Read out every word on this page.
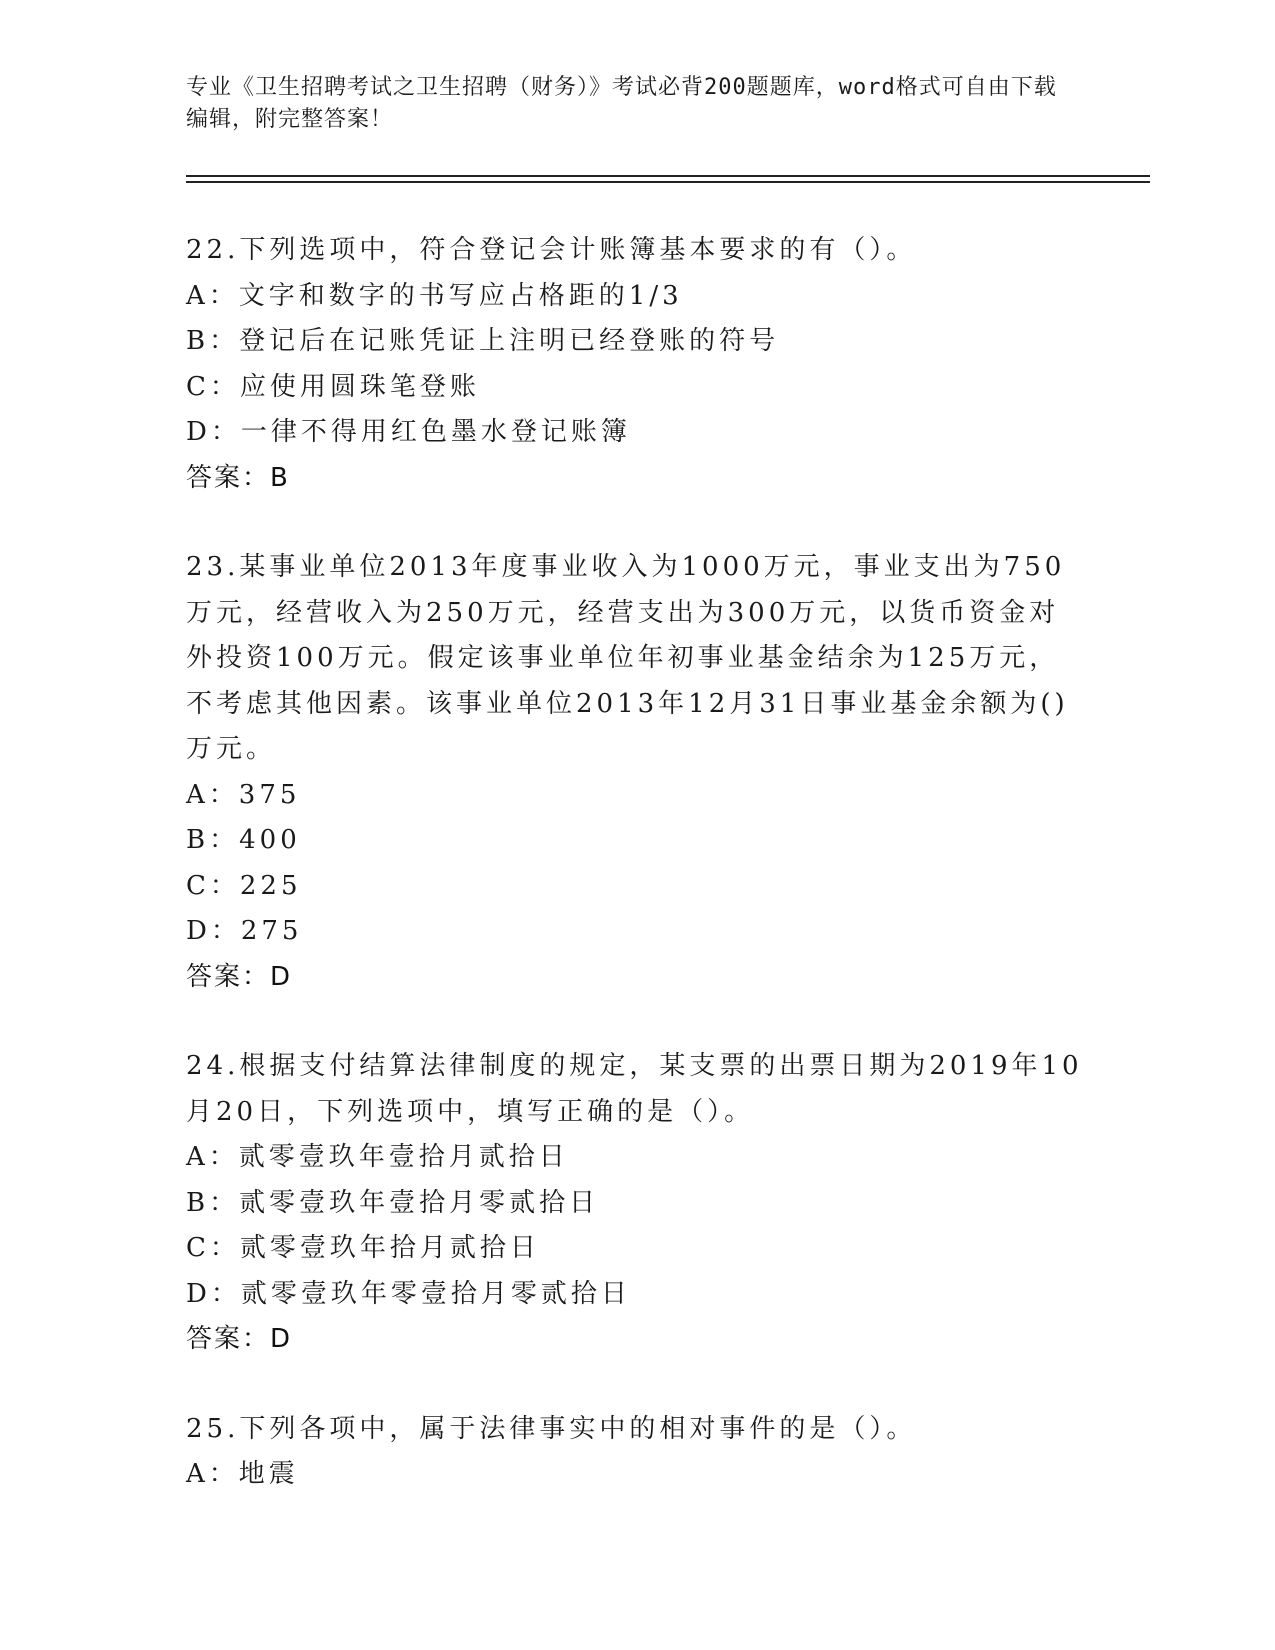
专业《卫生招聘考试之卫生招聘（财务）》考试必背200题题库，word格式可自由下载编辑，附完整答案！
22.下列选项中，符合登记会计账簿基本要求的有（）。
A：文字和数字的书写应占格距的1/3
B：登记后在记账凭证上注明已经登账的符号
C：应使用圆珠笔登账
D：一律不得用红色墨水登记账簿
答案：B
23.某事业单位2013年度事业收入为1000万元，事业支出为750万元，经营收入为250万元，经营支出为300万元，以货币资金对外投资100万元。假定该事业单位年初事业基金结余为125万元，不考虑其他因素。该事业单位2013年12月31日事业基金余额为()万元。
A：375
B：400
C：225
D：275
答案：D
24.根据支付结算法律制度的规定，某支票的出票日期为2019年10月20日，下列选项中，填写正确的是（）。
A：贰零壹玖年壹拾月贰拾日
B：贰零壹玖年壹拾月零贰拾日
C：贰零壹玖年拾月贰拾日
D：贰零壹玖年零壹拾月零贰拾日
答案：D
25.下列各项中，属于法律事实中的相对事件的是（）。
A：地震
